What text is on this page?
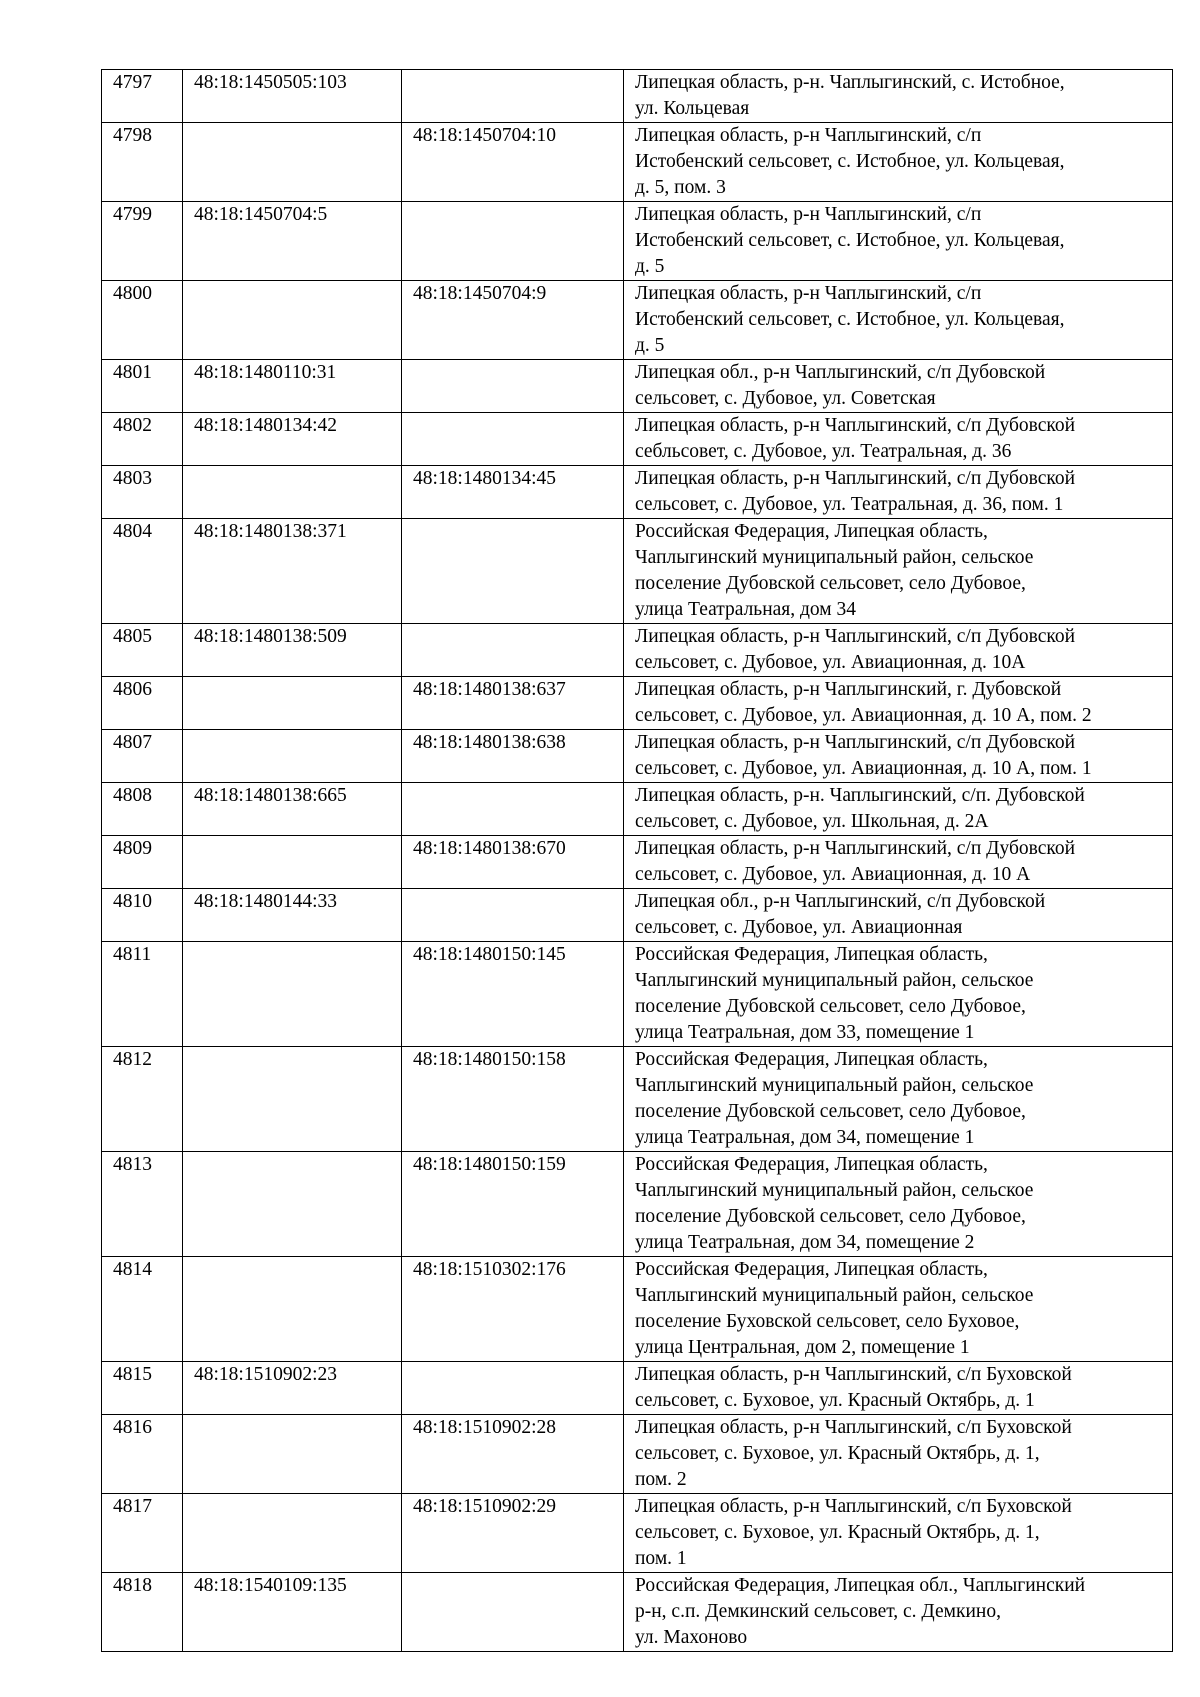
4797	48:18:1450505:103		Липецкая область, р-н. Чаплыгинский, с. Истобное,
ул. Кольцевая

4798		48:18:1450704:10	Липецкая область, р-н Чаплыгинский, с/п
Истобенский сельсовет, с. Истобное, ул. Кольцевая,
д. 5, пом. 3

4799	48:18:1450704:5		Липецкая область, р-н Чаплыгинский, с/п
Истобенский сельсовет, с. Истобное, ул. Кольцевая,
д. 5

4800		48:18:1450704:9	Липецкая область, р-н Чаплыгинский, с/п
Истобенский сельсовет, с. Истобное, ул. Кольцевая,
д. 5

4801	48:18:1480110:31		Липецкая обл., р-н Чаплыгинский, с/п Дубовской
сельсовет, с. Дубовое, ул. Советская

4802	48:18:1480134:42		Липецкая область, р-н Чаплыгинский, с/п Дубовской
себльсовет, с. Дубовое, ул. Театральная, д. 36

4803		48:18:1480134:45	Липецкая область, р-н Чаплыгинский, с/п Дубовской
сельсовет, с. Дубовое, ул. Театральная, д. 36, пом. 1

4804	48:18:1480138:371		Российская Федерация, Липецкая область,
Чаплыгинский муниципальный район, сельское
поселение Дубовской сельсовет, село Дубовое,
улица Театральная, дом 34

4805	48:18:1480138:509		Липецкая область, р-н Чаплыгинский, с/п Дубовской
сельсовет, с. Дубовое, ул. Авиационная, д. 10А

4806		48:18:1480138:637	Липецкая область, р-н Чаплыгинский, г. Дубовской
сельсовет, с. Дубовое, ул. Авиационная, д. 10 А, пом. 2

4807		48:18:1480138:638	Липецкая область, р-н Чаплыгинский, с/п Дубовской
сельсовет, с. Дубовое, ул. Авиационная, д. 10 А, пом. 1

4808	48:18:1480138:665		Липецкая область, р-н. Чаплыгинский, с/п. Дубовской
сельсовет, с. Дубовое, ул. Школьная, д. 2А

4809		48:18:1480138:670	Липецкая область, р-н Чаплыгинский, с/п Дубовской
сельсовет, с. Дубовое, ул. Авиационная, д. 10 А

4810	48:18:1480144:33		Липецкая обл., р-н Чаплыгинский, с/п Дубовской
сельсовет, с. Дубовое, ул. Авиационная

4811		48:18:1480150:145	Российская Федерация, Липецкая область,
Чаплыгинский муниципальный район, сельское
поселение Дубовской сельсовет, село Дубовое,
улица Театральная, дом 33, помещение 1

4812		48:18:1480150:158	Российская Федерация, Липецкая область,
Чаплыгинский муниципальный район, сельское
поселение Дубовской сельсовет, село Дубовое,
улица Театральная, дом 34, помещение 1

4813		48:18:1480150:159	Российская Федерация, Липецкая область,
Чаплыгинский муниципальный район, сельское
поселение Дубовской сельсовет, село Дубовое,
улица Театральная, дом 34, помещение 2

4814		48:18:1510302:176	Российская Федерация, Липецкая область,
Чаплыгинский муниципальный район, сельское
поселение Буховской сельсовет, село Буховое,
улица Центральная, дом 2, помещение 1

4815	48:18:1510902:23		Липецкая область, р-н Чаплыгинский, с/п Буховской
сельсовет, с. Буховое, ул. Красный Октябрь, д. 1

4816		48:18:1510902:28	Липецкая область, р-н Чаплыгинский, с/п Буховской
сельсовет, с. Буховое, ул. Красный Октябрь, д. 1,
пом. 2

4817		48:18:1510902:29	Липецкая область, р-н Чаплыгинский, с/п Буховской
сельсовет, с. Буховое, ул. Красный Октябрь, д. 1,
пом. 1

4818	48:18:1540109:135		Российская Федерация, Липецкая обл., Чаплыгинский
р-н, с.п. Демкинский сельсовет, с. Демкино,
ул. Махоново
